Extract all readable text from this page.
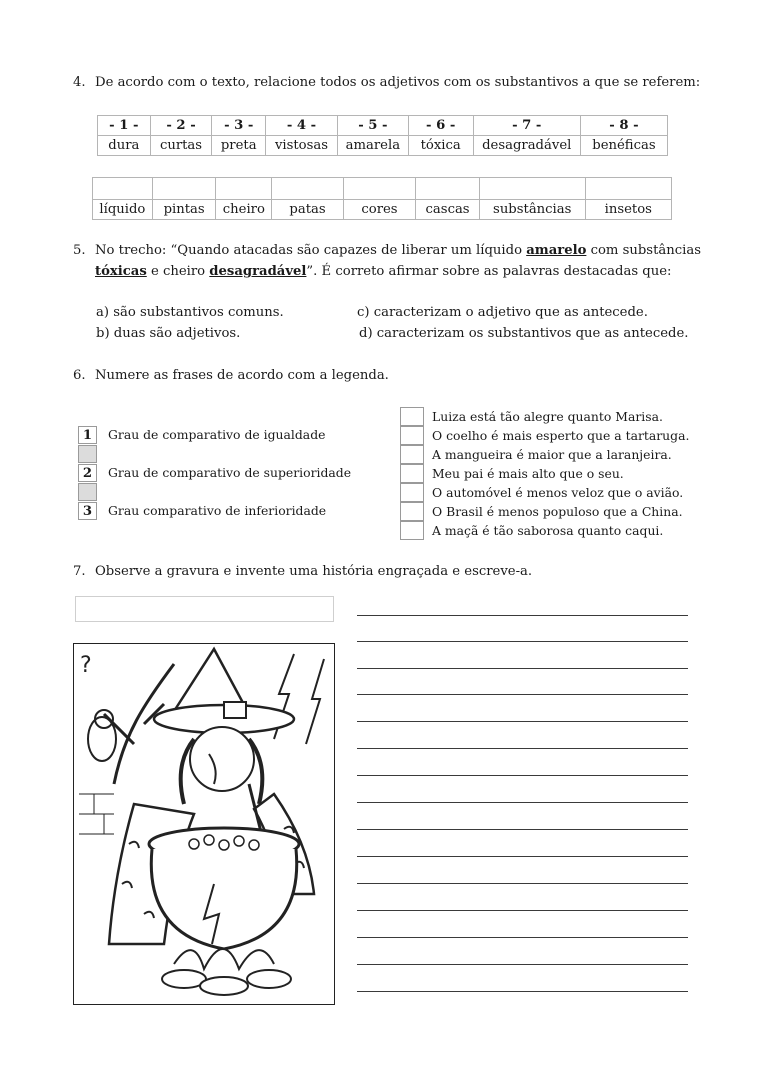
4. De acordo com o texto, relacione todos os adjetivos com os substantivos a que se referem:
- 1 -	- 2 -	- 3 -	- 4 -	- 5 -	- 6 -	- 7 -	- 8 -
dura	curtas	preta	vistosas	amarela	tóxica	desagradável	benéficas

líquido	pintas	cheiro	patas	cores	cascas	substâncias	insetos
5. No trecho: “Quando atacadas são capazes de liberar um líquido amarelo com substâncias
tóxicas e cheiro desagradável”. É correto afirmar sobre as palavras destacadas que:
a) são substantivos comuns.
b) duas são adjetivos.
c) caracterizam o adjetivo que as antecede.
d) caracterizam os substantivos que as antecede.
6. Numere as frases de acordo com a legenda.
1	Grau de comparativo de igualdade
2	Grau de comparativo de superioridade
3	Grau comparativo de inferioridade
Luiza está tão alegre quanto Marisa.
O coelho é mais esperto que a tartaruga.
A mangueira é maior que a laranjeira.
Meu pai é mais alto que o seu.
O automóvel é menos veloz que o avião.
O Brasil é menos populoso que a China.
A maçã é tão saborosa quanto caqui.
7. Observe a gravura e invente uma história engraçada e escreve-a.
?
